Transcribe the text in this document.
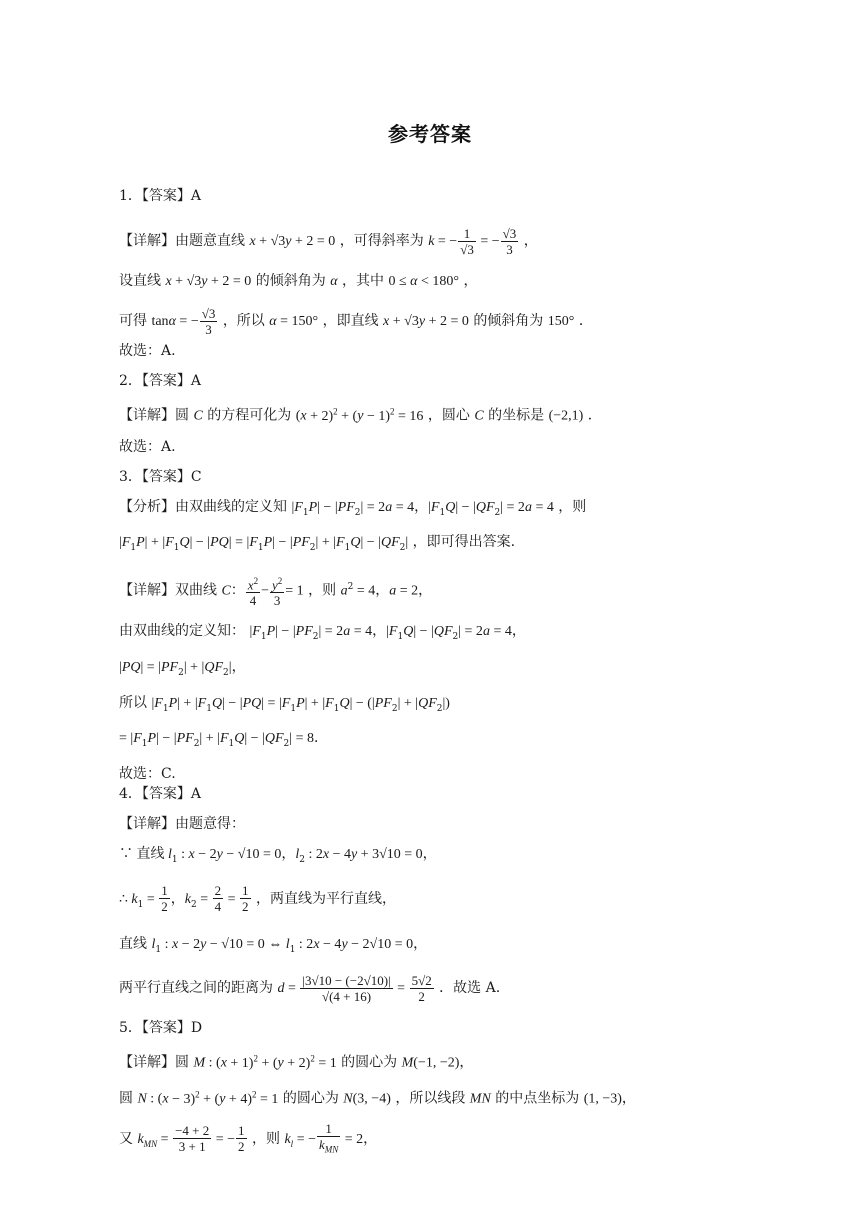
参考答案
1．【答案】A
【详解】由题意直线 x + √3y + 2 = 0 ，可得斜率为 k = − $\frac{1}{√3}$ = − $\frac{√3}{3}$ ，
设直线 x + √3y + 2 = 0 的倾斜角为 α ，其中 0 ≤ α < 180° ，
可得 tanα = − $\frac{√3}{3}$ ，所以 α = 150° ，即直线 x + √3y + 2 = 0 的倾斜角为 150° ．
故选：A.
2．【答案】A
【详解】圆 C 的方程可化为 $(x + 2)^2 + (y - 1)^2 = 16$ ，圆心 C 的坐标是 (−2,1) ．
故选：A.
3．【答案】C
【分析】由双曲线的定义知 $|F_1P| - |PF_2| = 2a = 4$，$|F_1Q| - |QF_2| = 2a = 4$ ，则
$|F_1P| + |F_1Q| - |PQ| = |F_1P| - |PF_2| + |F_1Q| - |QF_2|$ ，即可得出答案.
【详解】双曲线 C： $\frac{x^2}{4} - \frac{y^2}{3} = 1$ ，则 $a^2 = 4$，a = 2，
由双曲线的定义知： $|F_1P| - |PF_2| = 2a = 4$，$|F_1Q| - |QF_2| = 2a = 4$，
$|PQ| = |PF_2| + |QF_2|$，
所以 $|F_1P| + |F_1Q| - |PQ| = |F_1P| + |F_1Q| - (|PF_2| + |QF_2|)$
= $|F_1P| - |PF_2| + |F_1Q| - |QF_2| = 8$．
故选：C.
4．【答案】A
【详解】由题意得：
∵ 直线 $l_1$ : x − 2y − √10 = 0，$l_2$ : 2x − 4y + 3√10 = 0，
∴ $k_1 = \frac{1}{2}$ ，$k_2 = \frac{2}{4} = \frac{1}{2}$ ，两直线为平行直线，
直线 $l_1$ : x − 2y − √10 = 0 ⇔ $l_1$ : 2x − 4y − 2√10 = 0，
两平行直线之间的距离为 $d = \frac{|3√10 - (-2√10)|}{√(4 + 16)} = \frac{5√2}{2}$ ．故选 A.
5．【答案】D
【详解】圆 M : $(x + 1)^2 + (y + 2)^2 = 1$ 的圆心为 M(−1, −2)，
圆 N : $(x - 3)^2 + (y + 4)^2 = 1$ 的圆心为 N(3, −4) ，所以线段 MN 的中点坐标为 (1, −3)，
又 $k_{MN} = \frac{-4 + 2}{3 + 1}$ = − $\frac{1}{2}$ ，则 $k_l$ = − $\frac{1}{k_{MN}} = 2$，
